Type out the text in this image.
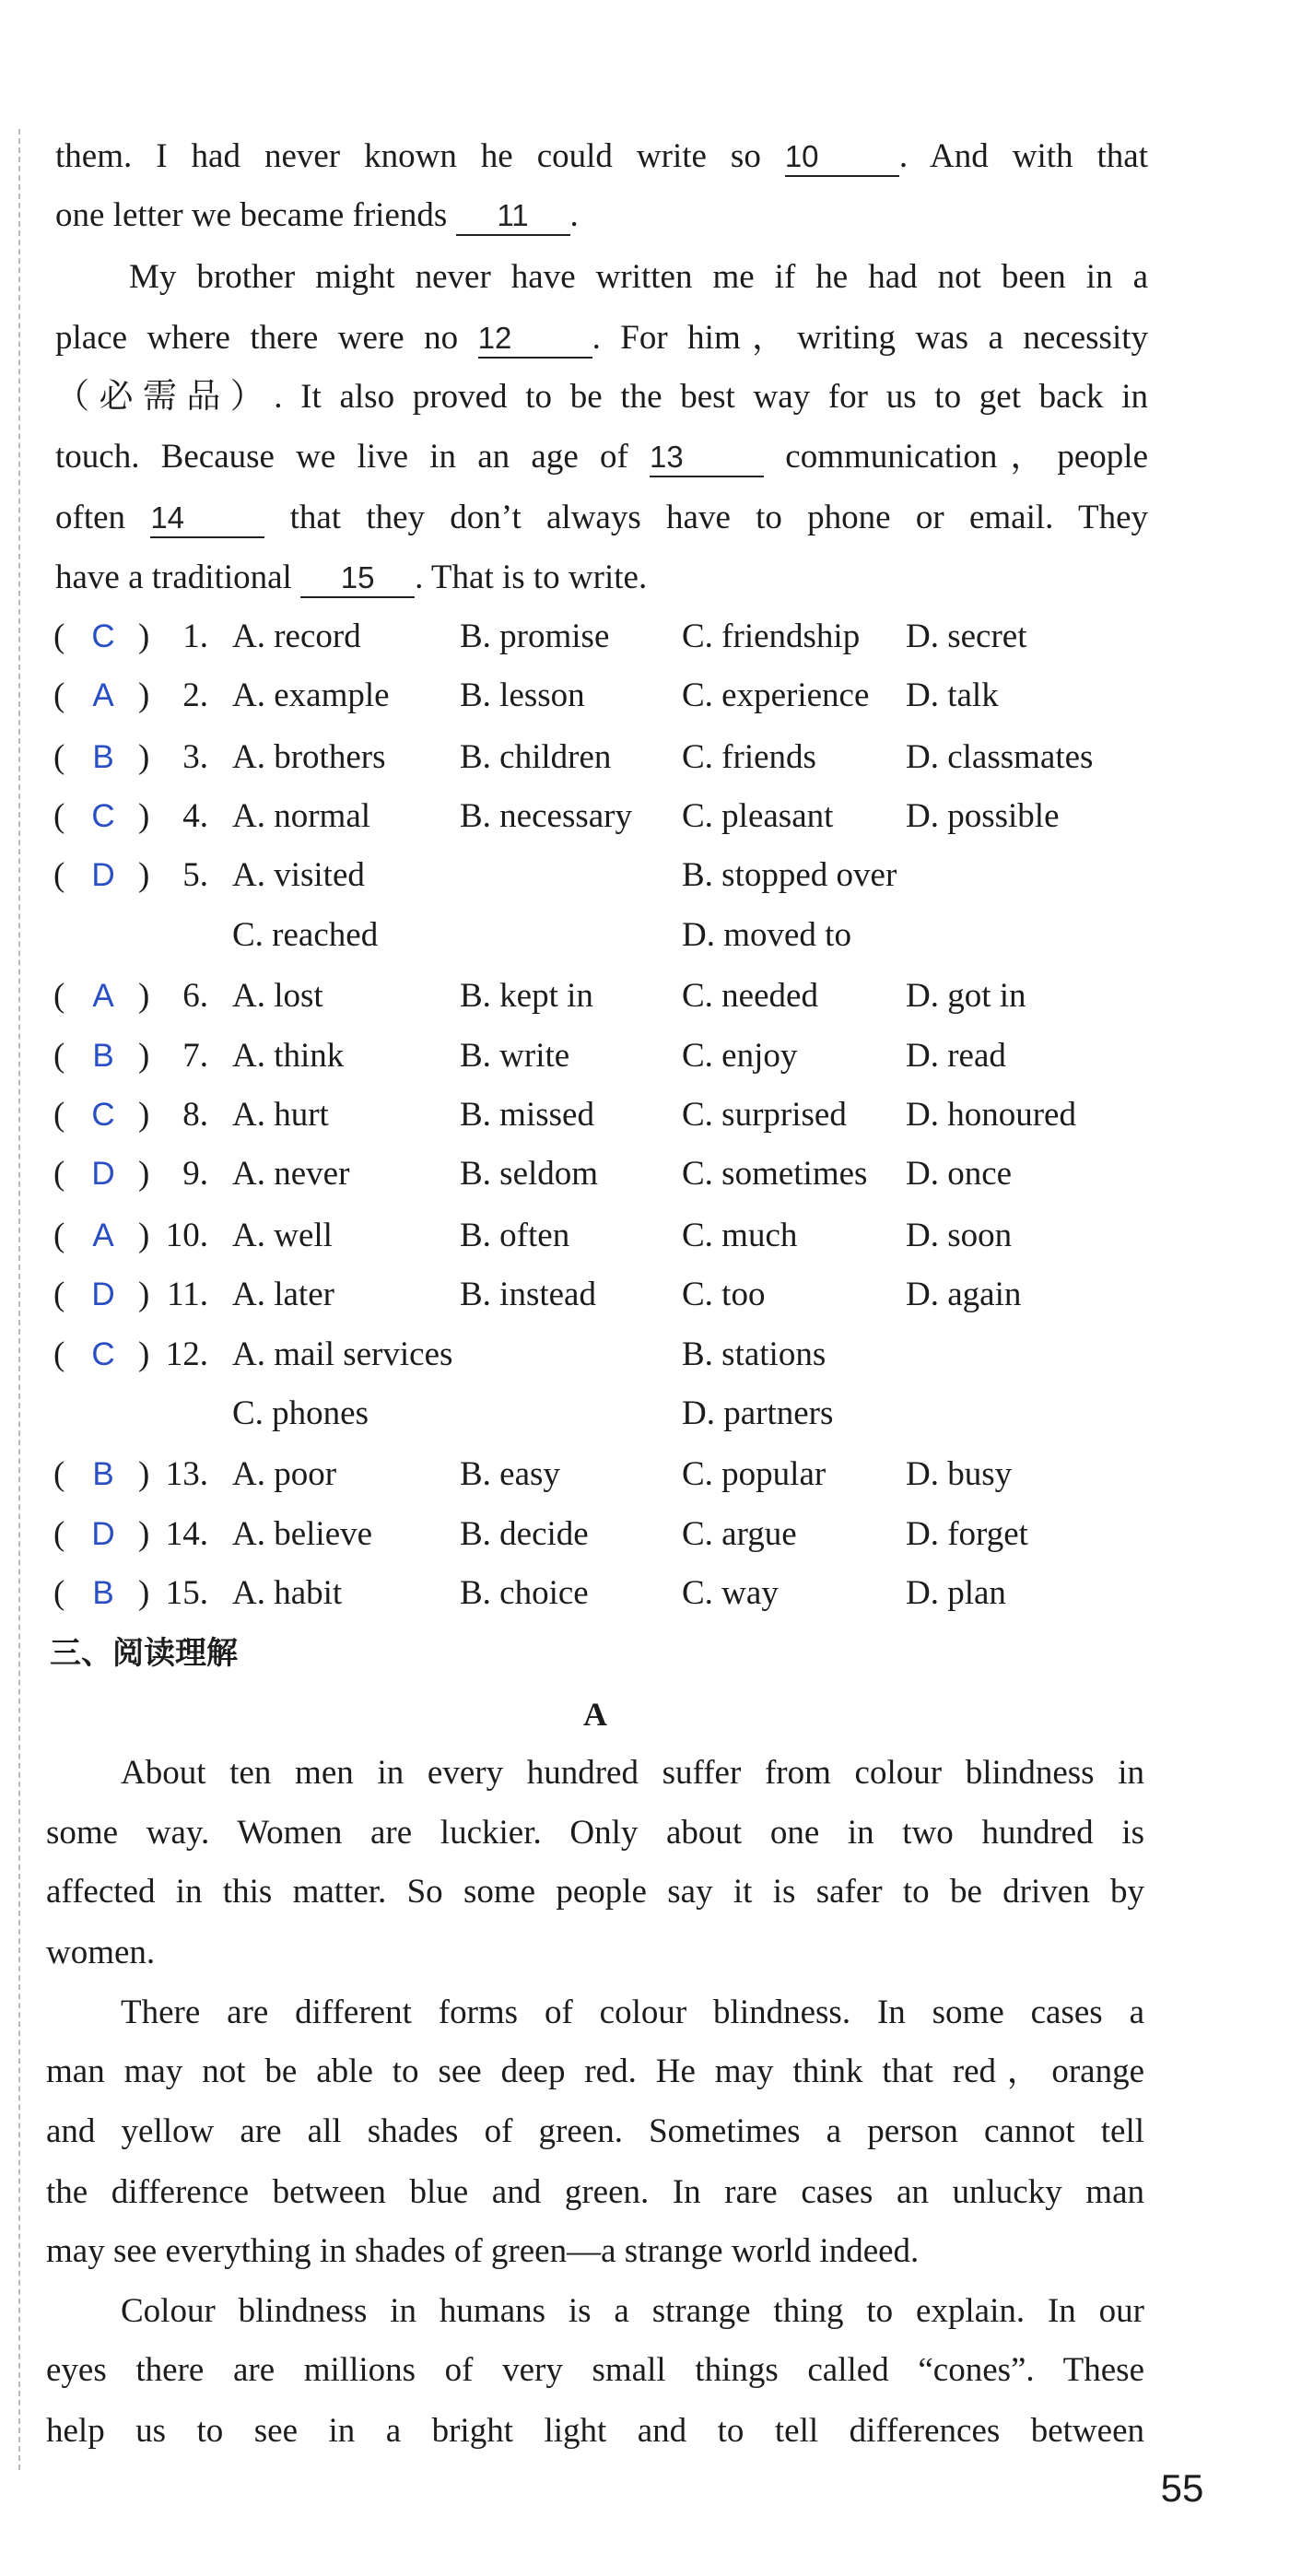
them. I had never known he could write so 10 . And with that
one letter we became friends 11 .
My brother might never have written me if he had not been in a
place where there were no 12 . For him，writing was a necessity
（必需品）. It also proved to be the best way for us to get back in
touch. Because we live in an age of 13	communication，people
often 14	that they don’t always have to phone or email. They
have a traditional 15 . That is to write.
( C ) 1. A. record	B. promise C. friendship D. secret
( A ) 2. A. example B. lesson	C. experience D. talk
( B ) 3. A. brothers B. children C. friends	D. classmates
( C ) 4. A. normal	B. necessary C. pleasant D. possible
( D ) 5. A. visited	B. stopped over
C. reached	D. moved to
( A ) 6. A. lost	B. kept in	C. needed	D. got in
( B ) 7. A. think	B. write	C. enjoy	D. read
( C ) 8. A. hurt	B. missed	C. surprised D. honoured
( D ) 9. A. never	B. seldom C. sometimes D. once
( A ) 10. A. well	B. often	C. much	D. soon
( D ) 11. A. later	B. instead	C. too	D. again
( C ) 12. A. mail services	B. stations
C. phones	D. partners
( B ) 13. A. poor	B. easy	C. popular D. busy
( D ) 14. A. believe	B. decide	C. argue	D. forget
( B ) 15. A. habit	B. choice	C. way	D. plan
三、阅读理解
A
About ten men in every hundred suffer from colour blindness in
some way. Women are luckier. Only about one in two hundred is
affected in this matter. So some people say it is safer to be driven by
women.
There are different forms of colour blindness. In some cases a
man may not be able to see deep red. He may think that red，orange
and yellow are all shades of green. Sometimes a person cannot tell
the difference between blue and green. In rare cases an unlucky man
may see everything in shades of green—a strange world indeed.
Colour blindness in humans is a strange thing to explain. In our
eyes there are millions of very small things called “cones”. These
help us to see in a bright light and to tell differences between
55
